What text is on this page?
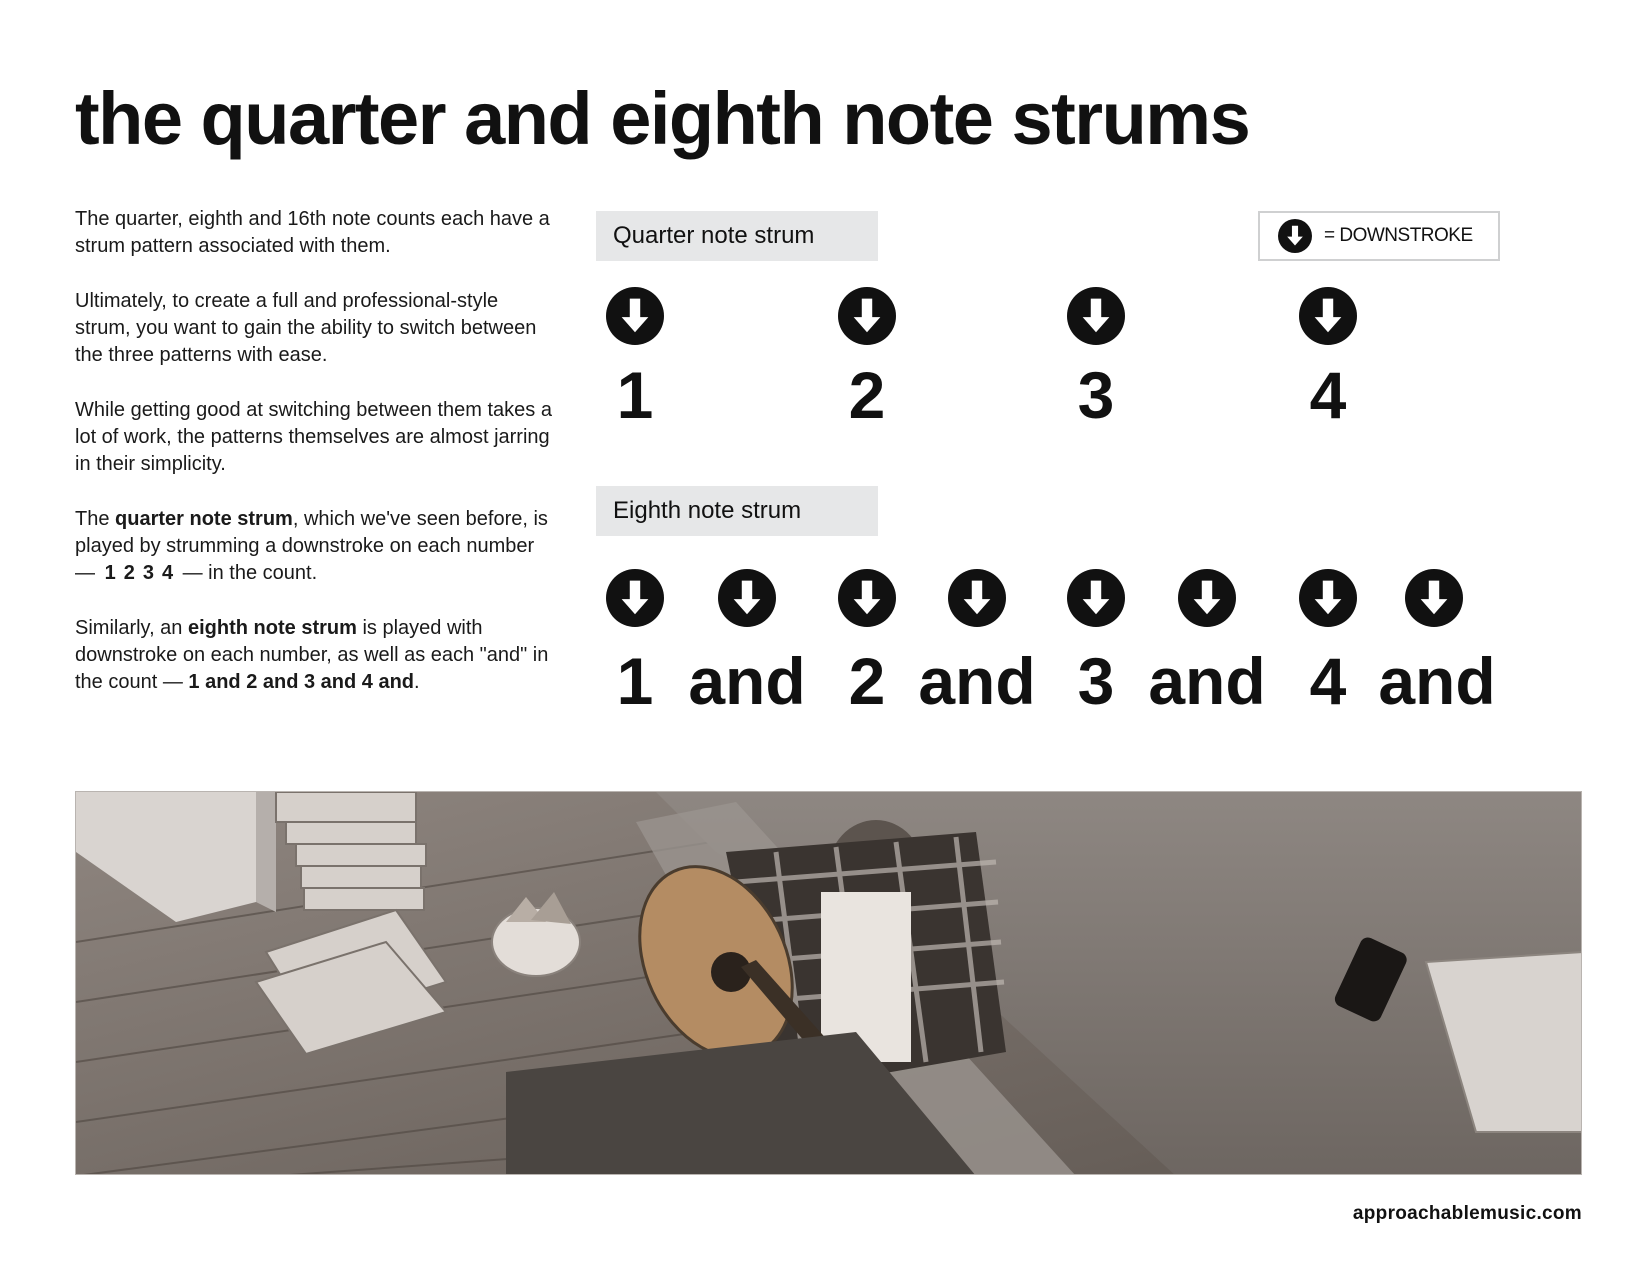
the quarter and eighth note strums

The quarter, eighth and 16th note counts each have a strum pattern associated with them.

Ultimately, to create a full and professional-style strum, you want to gain the ability to switch between the three patterns with ease.

While getting good at switching between them takes a lot of work, the patterns themselves are almost jarring in their simplicity.

The quarter note strum, which we've seen before, is played by strumming a downstroke on each number — 1 2 3 4 — in the count.

Similarly, an eighth note strum is played with downstroke on each number, as well as each "and" in the count — 1 and 2 and 3 and 4 and.

Quarter note strum	= DOWNSTROKE
1	2	3	4
Eighth note strum
1 and 2 and 3 and 4 and
approachablemusic.com
